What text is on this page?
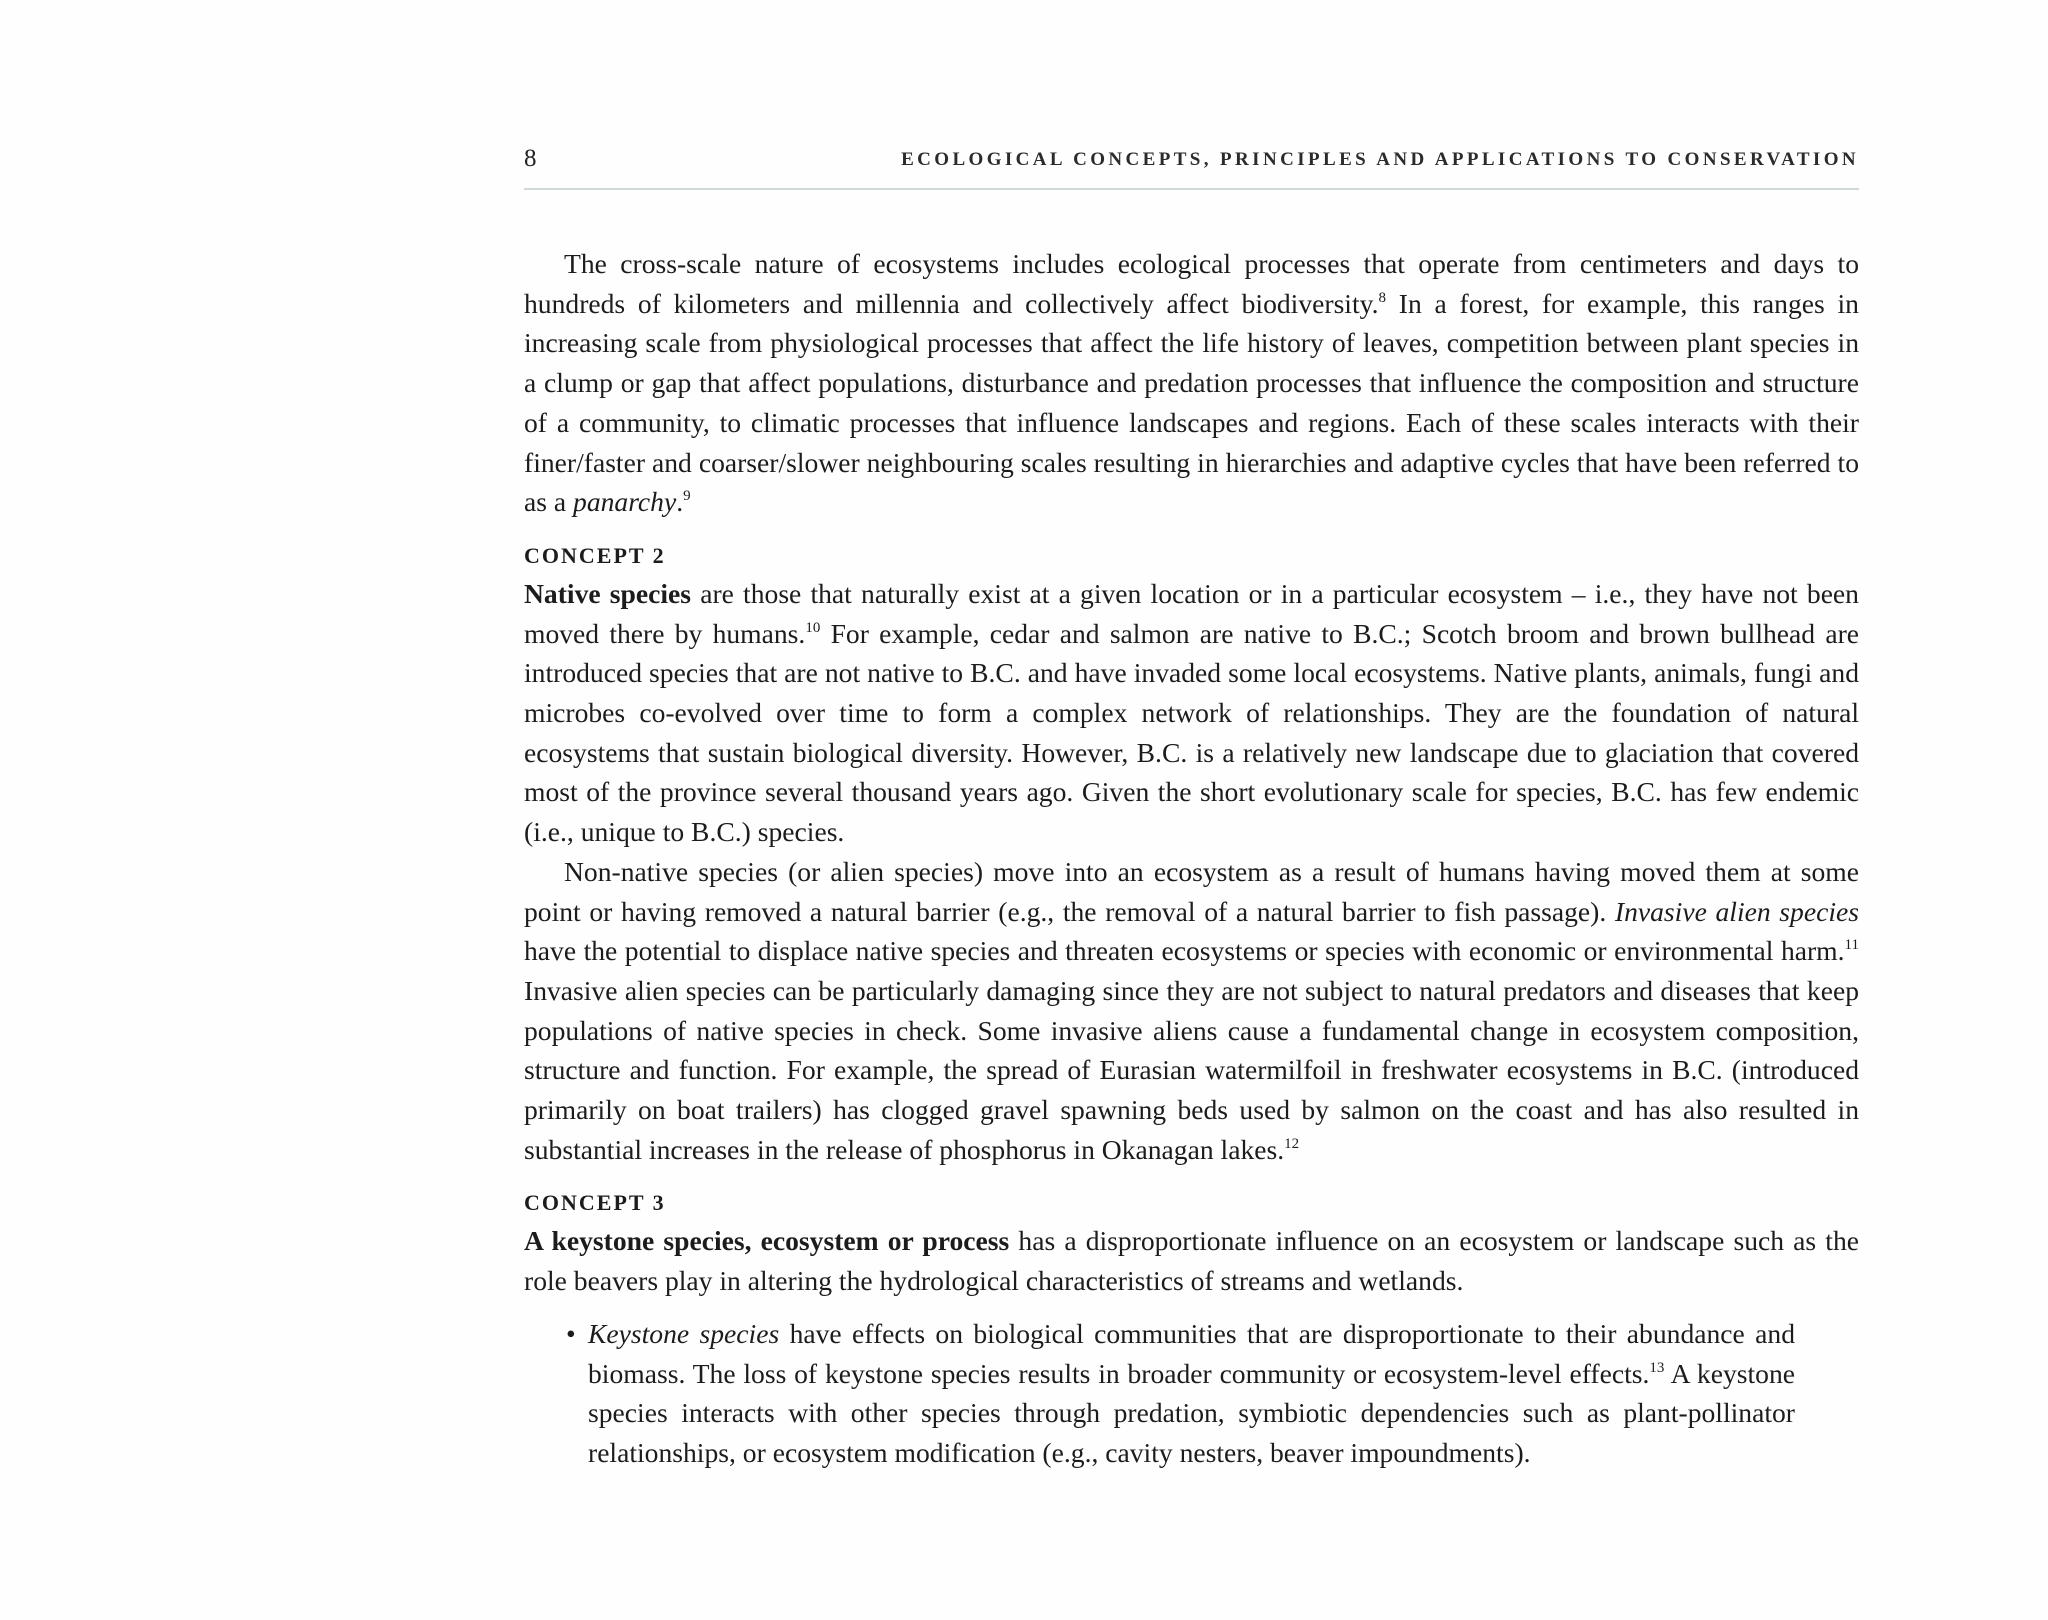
8	ECOLOGICAL CONCEPTS, PRINCIPLES AND APPLICATIONS TO CONSERVATION

The cross-scale nature of ecosystems includes ecological processes that operate from centimeters and days to hundreds of kilometers and millennia and collectively affect biodiversity.$^8$ In a forest, for example, this ranges in increasing scale from physiological processes that affect the life history of leaves, competition between plant species in a clump or gap that affect populations, disturbance and predation processes that influence the composition and structure of a community, to climatic processes that influence landscapes and regions. Each of these scales interacts with their finer/faster and coarser/slower neighbouring scales resulting in hierarchies and adaptive cycles that have been referred to as a panarchy.$^9$

CONCEPT 2

Native species are those that naturally exist at a given location or in a particular ecosystem – i.e., they have not been moved there by humans.$^{10}$ For example, cedar and salmon are native to B.C.; Scotch broom and brown bullhead are introduced species that are not native to B.C. and have invaded some local ecosystems. Native plants, animals, fungi and microbes co-evolved over time to form a complex network of relationships. They are the foundation of natural ecosystems that sustain biological diversity. However, B.C. is a relatively new landscape due to glaciation that covered most of the province several thousand years ago. Given the short evolutionary scale for species, B.C. has few endemic (i.e., unique to B.C.) species.

Non-native species (or alien species) move into an ecosystem as a result of humans having moved them at some point or having removed a natural barrier (e.g., the removal of a natural barrier to fish passage). Invasive alien species have the potential to displace native species and threaten ecosystems or species with economic or environmental harm.$^{11}$ Invasive alien species can be particularly damaging since they are not subject to natural predators and diseases that keep populations of native species in check. Some invasive aliens cause a fundamental change in ecosystem composition, structure and function. For example, the spread of Eurasian watermilfoil in freshwater ecosystems in B.C. (introduced primarily on boat trailers) has clogged gravel spawning beds used by salmon on the coast and has also resulted in substantial increases in the release of phosphorus in Okanagan lakes.$^{12}$

CONCEPT 3

A keystone species, ecosystem or process has a disproportionate influence on an ecosystem or landscape such as the role beavers play in altering the hydrological characteristics of streams and wetlands.

• Keystone species have effects on biological communities that are disproportionate to their abundance and biomass. The loss of keystone species results in broader community or ecosystem-level effects.$^{13}$ A keystone species interacts with other species through predation, symbiotic dependencies such as plant-pollinator relationships, or ecosystem modification (e.g., cavity nesters, beaver impoundments).
